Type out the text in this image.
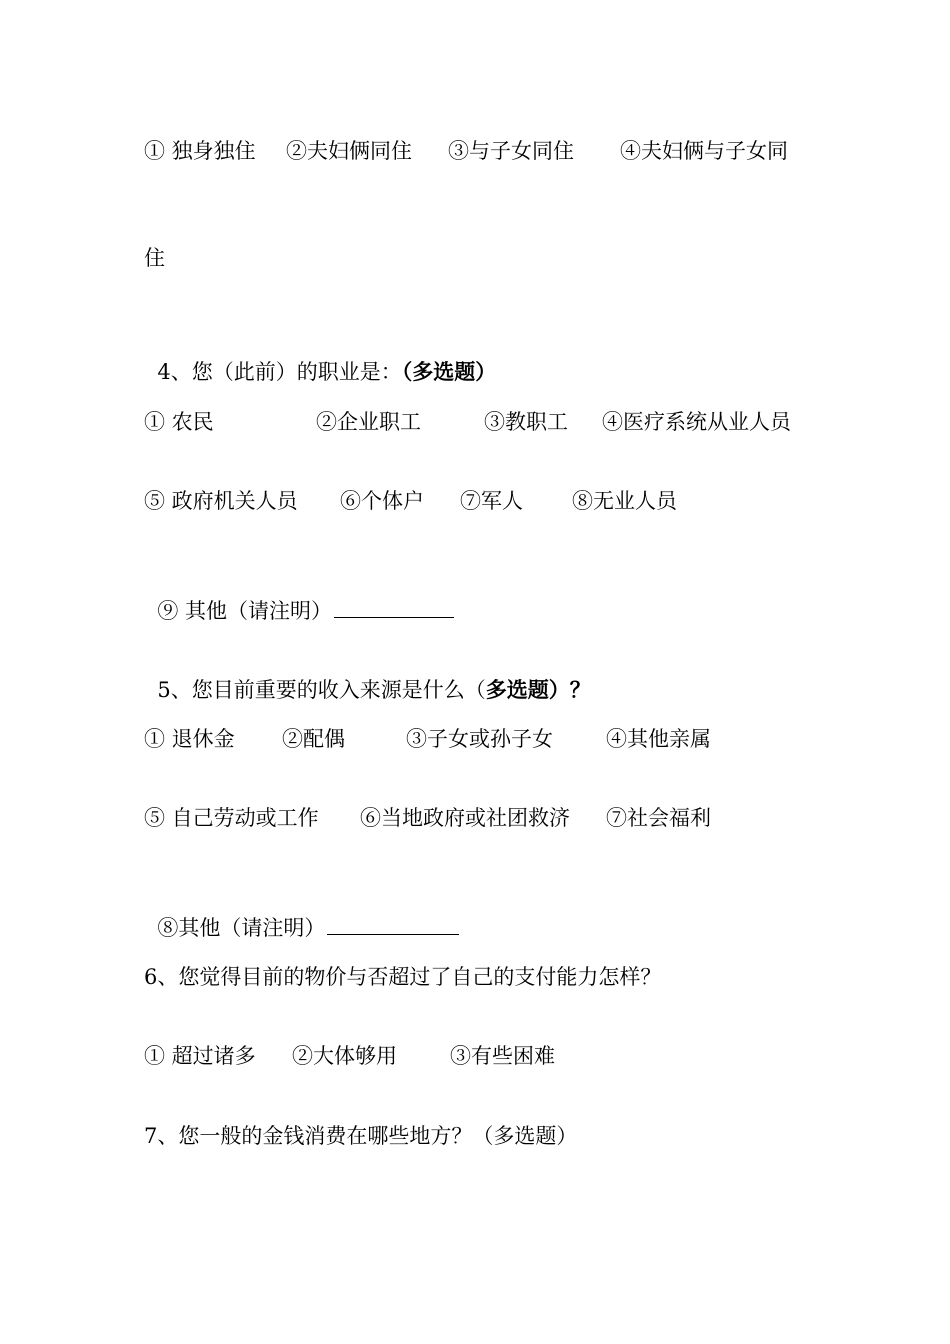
① 独身独住

②夫妇俩同住

③与子女同住

④夫妇俩与子女同

住

4、您（此前）的职业是：（多选题）

① 农民

	②企业职工

	③教职工

④医疗系统从业人员

⑤ 政府机关人员

⑥个体户

⑦军人

⑧无业人员

⑨ 其他（请注明）

5、您目前重要的收入来源是什么（多选题）？

① 退休金

②配偶

	③子女或孙子女

	④其他亲属

⑤ 自己劳动或工作

⑥当地政府或社团救济

⑦社会福利

⑧其他（请注明）

6、您觉得目前的物价与否超过了自己的支付能力怎样？

① 超过诸多

②大体够用

	③有些困难

7、您一般的金钱消费在哪些地方？（多选题）
